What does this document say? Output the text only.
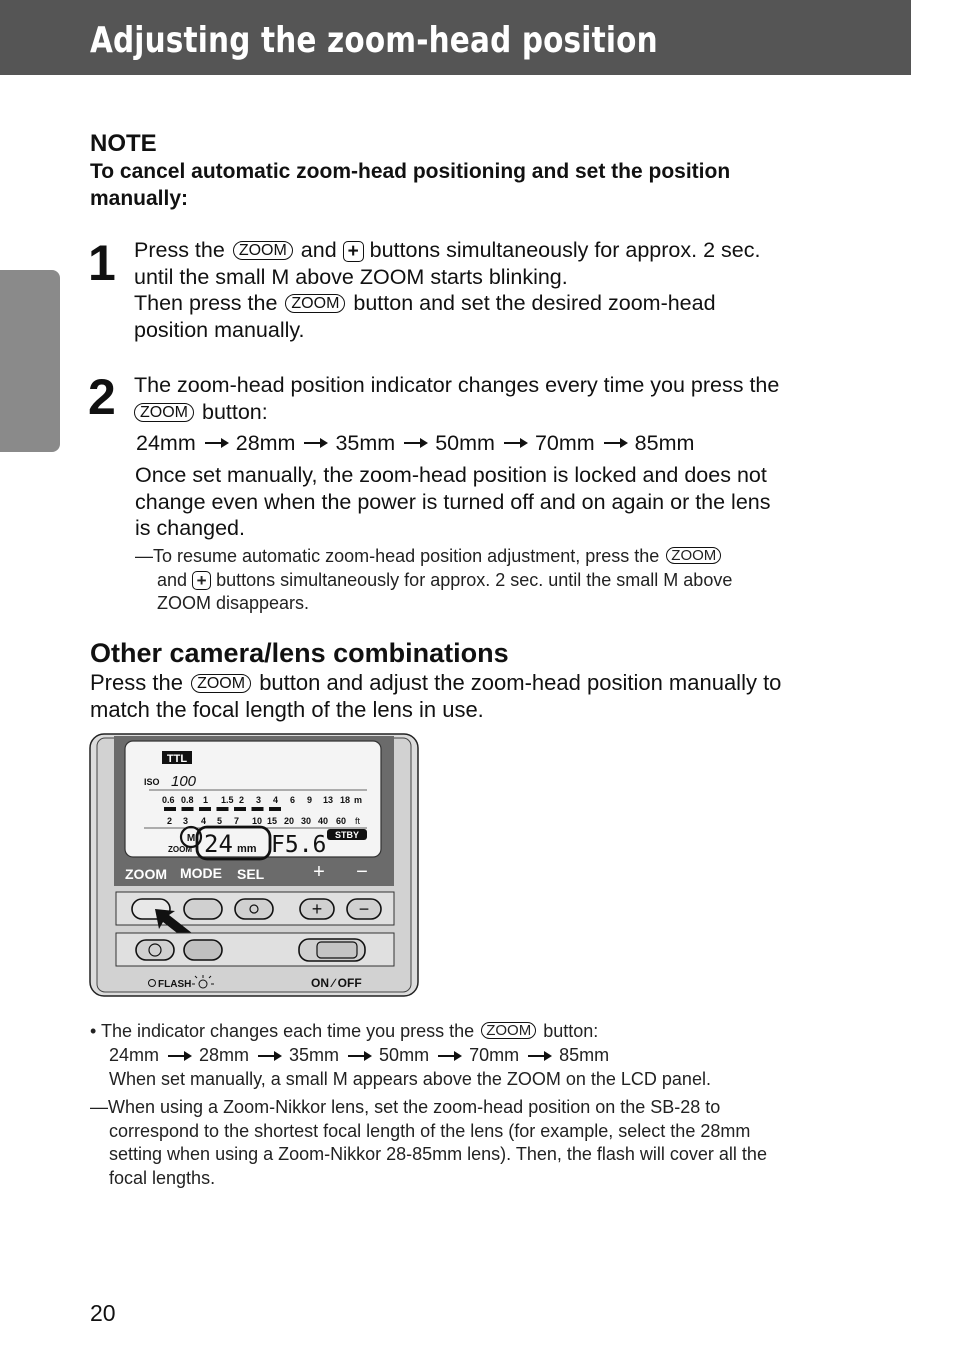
Adjusting the zoom-head position
NOTE
To cancel automatic zoom-head positioning and set the position
manually:
1 Press the ZOOM and + buttons simultaneously for approx. 2 sec.
until the small M above ZOOM starts blinking.
Then press the ZOOM button and set the desired zoom-head
position manually.
2 The zoom-head position indicator changes every time you press the
ZOOM button:
24mm 28mm 35mm 50mm 70mm 85mm
Once set manually, the zoom-head position is locked and does not
change even when the power is turned off and on again or the lens
is changed.
—To resume automatic zoom-head position adjustment, press the ZOOM
and + buttons simultaneously for approx. 2 sec. until the small M above
ZOOM disappears.
Other camera/lens combinations
Press the ZOOM button and adjust the zoom-head position manually to
match the focal length of the lens in use.
TTL
ISO 100
0.6 0.8 1 1.5 2 3 4 6 9 13 18 m
2 3 4 5 7 10 15 20 30 40 60 ft
M
ZOOM 24 mm F5.6 STBY
ZOOM MODE SEL + −
+ −
FLASH	ON ∕ OFF
• The indicator changes each time you press the ZOOM button:
24mm 28mm 35mm 50mm 70mm 85mm
When set manually, a small M appears above the ZOOM on the LCD panel.
—When using a Zoom-Nikkor lens, set the zoom-head position on the SB-28 to
correspond to the shortest focal length of the lens (for example, select the 28mm
setting when using a Zoom-Nikkor 28-85mm lens). Then, the flash will cover all the
focal lengths.
20
